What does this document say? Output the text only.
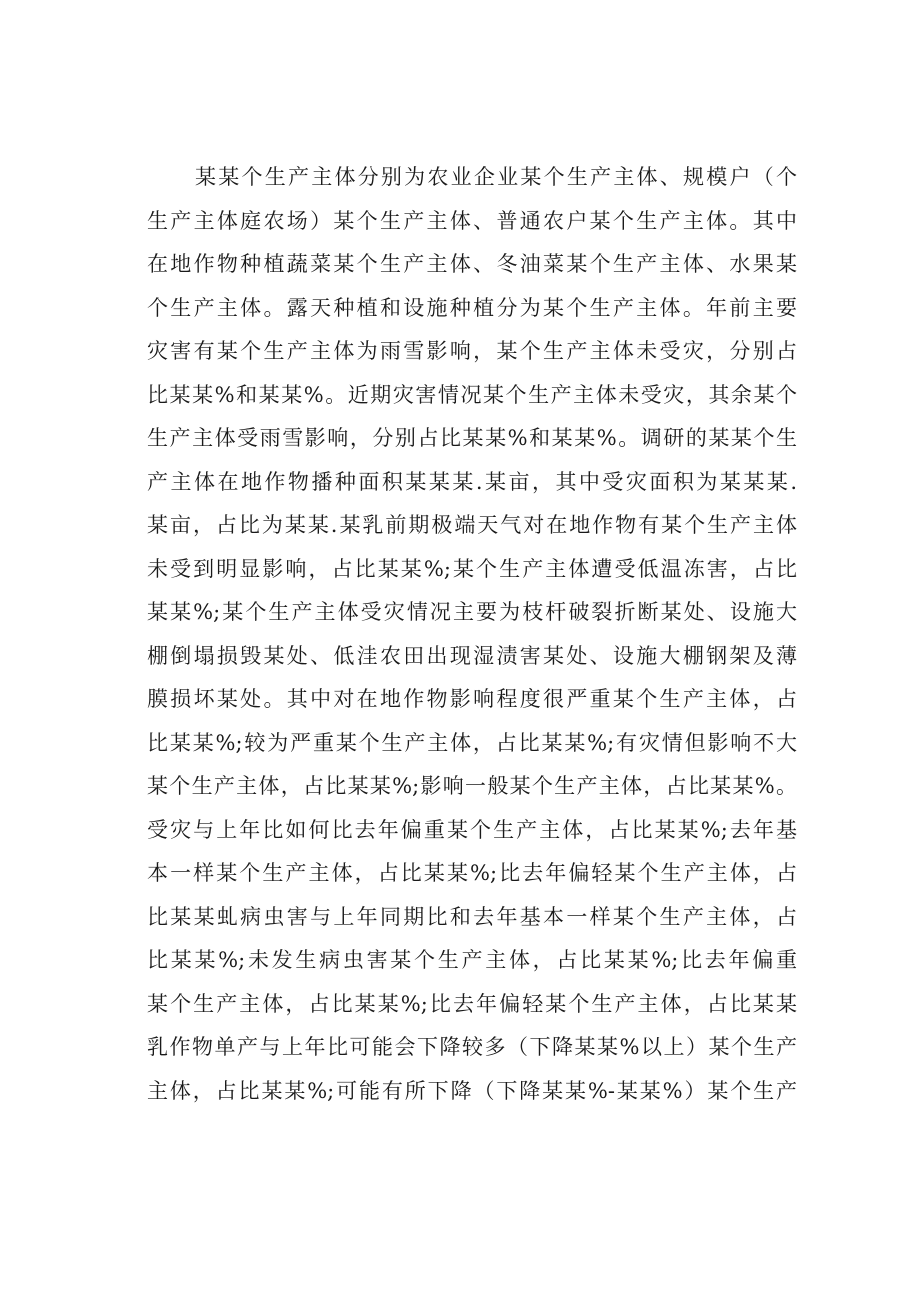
某某个生产主体分别为农业企业某个生产主体、规模户（个
生产主体庭农场）某个生产主体、普通农户某个生产主体。其中
在地作物种植蔬菜某个生产主体、冬油菜某个生产主体、水果某
个生产主体。露天种植和设施种植分为某个生产主体。年前主要
灾害有某个生产主体为雨雪影响，某个生产主体未受灾，分别占
比某某%和某某%。近期灾害情况某个生产主体未受灾，其余某个
生产主体受雨雪影响，分别占比某某%和某某%。调研的某某个生
产主体在地作物播种面积某某某.某亩，其中受灾面积为某某某.
某亩，占比为某某.某乳前期极端天气对在地作物有某个生产主体
未受到明显影响，占比某某%;某个生产主体遭受低温冻害，占比
某某%;某个生产主体受灾情况主要为枝杆破裂折断某处、设施大
棚倒塌损毁某处、低洼农田出现湿渍害某处、设施大棚钢架及薄
膜损坏某处。其中对在地作物影响程度很严重某个生产主体，占
比某某%;较为严重某个生产主体，占比某某%;有灾情但影响不大
某个生产主体，占比某某%;影响一般某个生产主体，占比某某%。
受灾与上年比如何比去年偏重某个生产主体，占比某某%;去年基
本一样某个生产主体，占比某某%;比去年偏轻某个生产主体，占
比某某虬病虫害与上年同期比和去年基本一样某个生产主体，占
比某某%;未发生病虫害某个生产主体，占比某某%;比去年偏重
某个生产主体，占比某某%;比去年偏轻某个生产主体，占比某某
乳作物单产与上年比可能会下降较多（下降某某%以上）某个生产
主体，占比某某%;可能有所下降（下降某某%-某某%）某个生产
